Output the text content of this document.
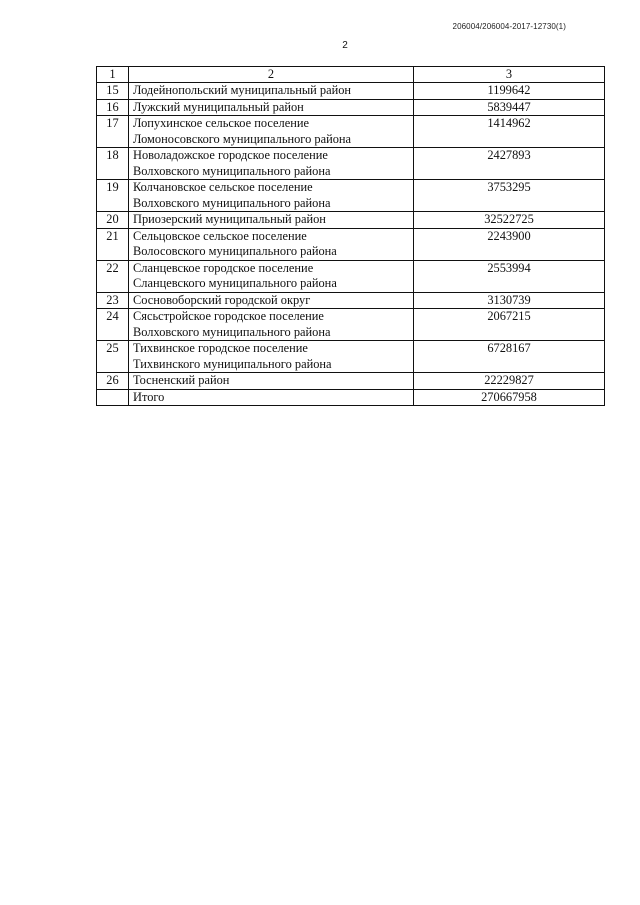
206004/206004-2017-12730(1)
2
1	2	3
15	Лодейнопольский муниципальный район	1199642
16	Лужский муниципальный район	5839447
17	Лопухинское сельское поселение
Ломоносовского муниципального района	1414962
18	Новоладожское городское поселение
Волховского муниципального района	2427893
19	Колчановское сельское поселение
Волховского муниципального района	3753295
20	Приозерский муниципальный район	32522725
21	Сельцовское сельское поселение
Волосовского муниципального района	2243900
22	Сланцевское городское поселение
Сланцевского муниципального района	2553994
23	Сосновоборский городской округ	3130739
24	Сясьстройское городское поселение
Волховского муниципального района	2067215
25	Тихвинское городское поселение
Тихвинского муниципального района	6728167
26	Тосненский район	22229827
	Итого	270667958
